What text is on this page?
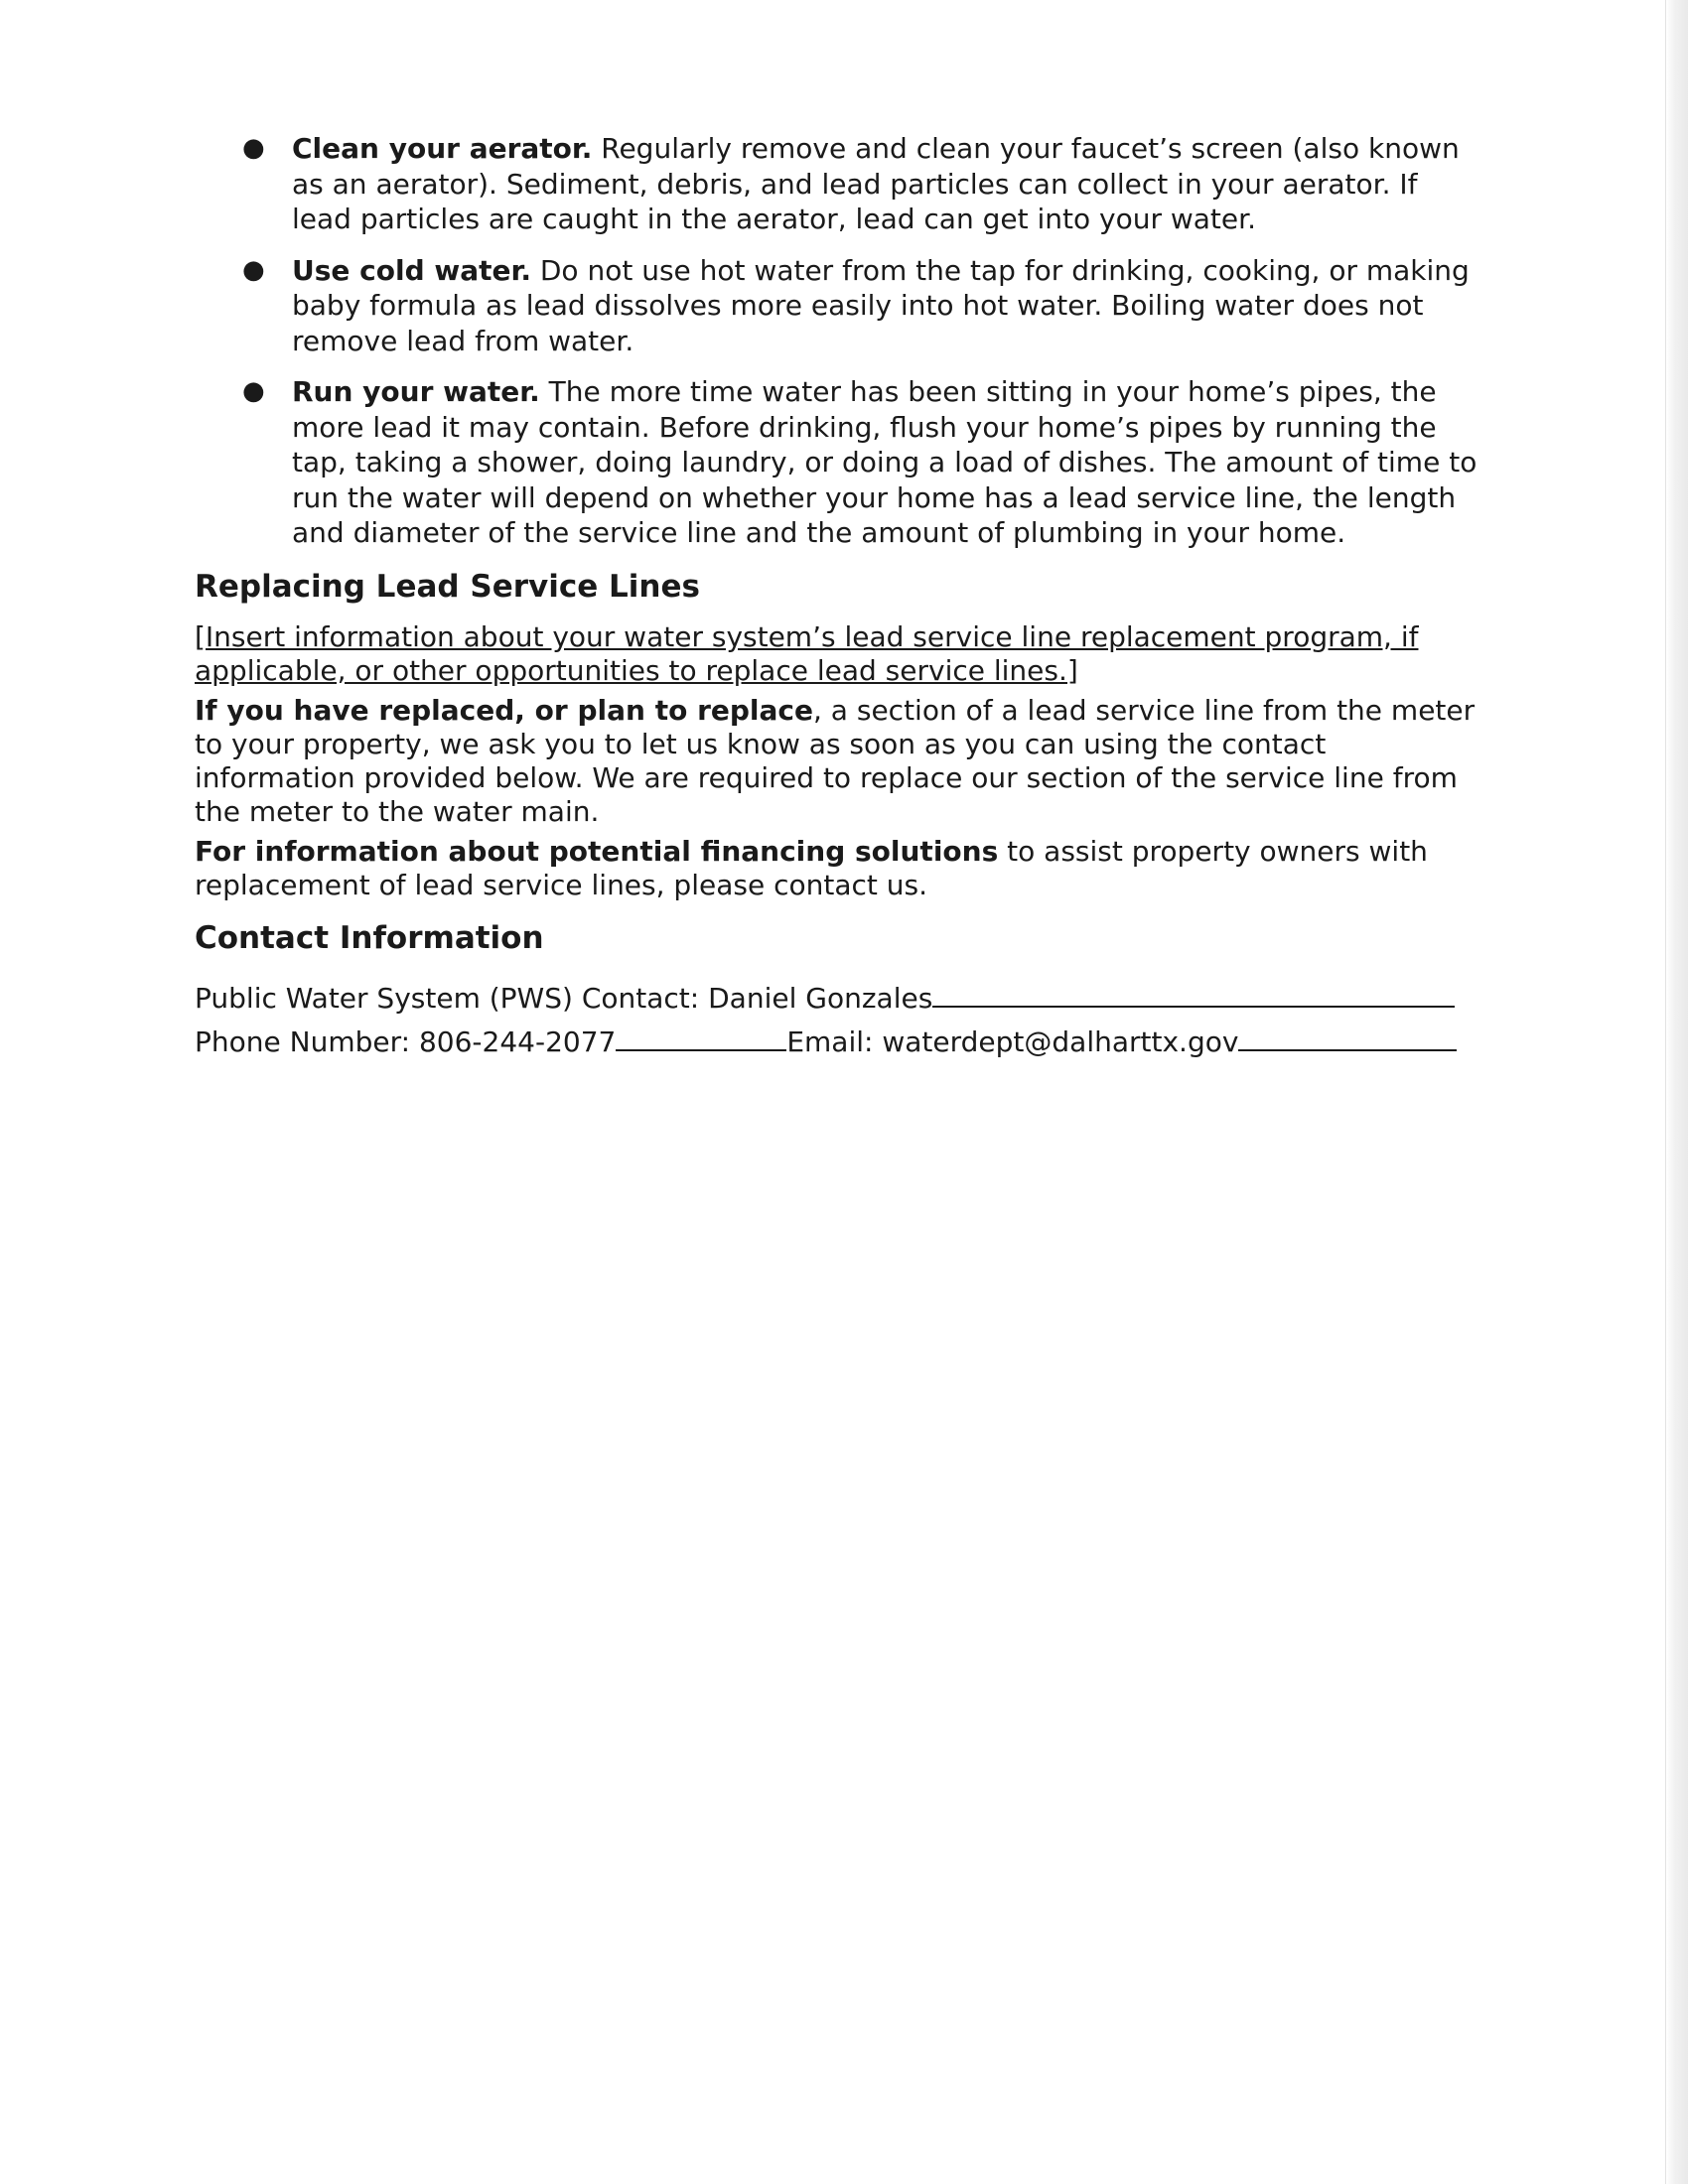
● Clean your aerator. Regularly remove and clean your faucet’s screen (also known as an aerator). Sediment, debris, and lead particles can collect in your aerator. If lead particles are caught in the aerator, lead can get into your water.
● Use cold water. Do not use hot water from the tap for drinking, cooking, or making baby formula as lead dissolves more easily into hot water. Boiling water does not remove lead from water.
● Run your water. The more time water has been sitting in your home’s pipes, the more lead it may contain. Before drinking, flush your home’s pipes by running the tap, taking a shower, doing laundry, or doing a load of dishes. The amount of time to run the water will depend on whether your home has a lead service line, the length and diameter of the service line and the amount of plumbing in your home.
Replacing Lead Service Lines
[Insert information about your water system’s lead service line replacement program, if applicable, or other opportunities to replace lead service lines.]

If you have replaced, or plan to replace, a section of a lead service line from the meter to your property, we ask you to let us know as soon as you can using the contact information provided below. We are required to replace our section of the service line from the meter to the water main.

For information about potential financing solutions to assist property owners with replacement of lead service lines, please contact us.

Contact Information
Public Water System (PWS) Contact: Daniel Gonzales
Phone Number: 806-244-2077	Email: waterdept@dalharttx.gov
